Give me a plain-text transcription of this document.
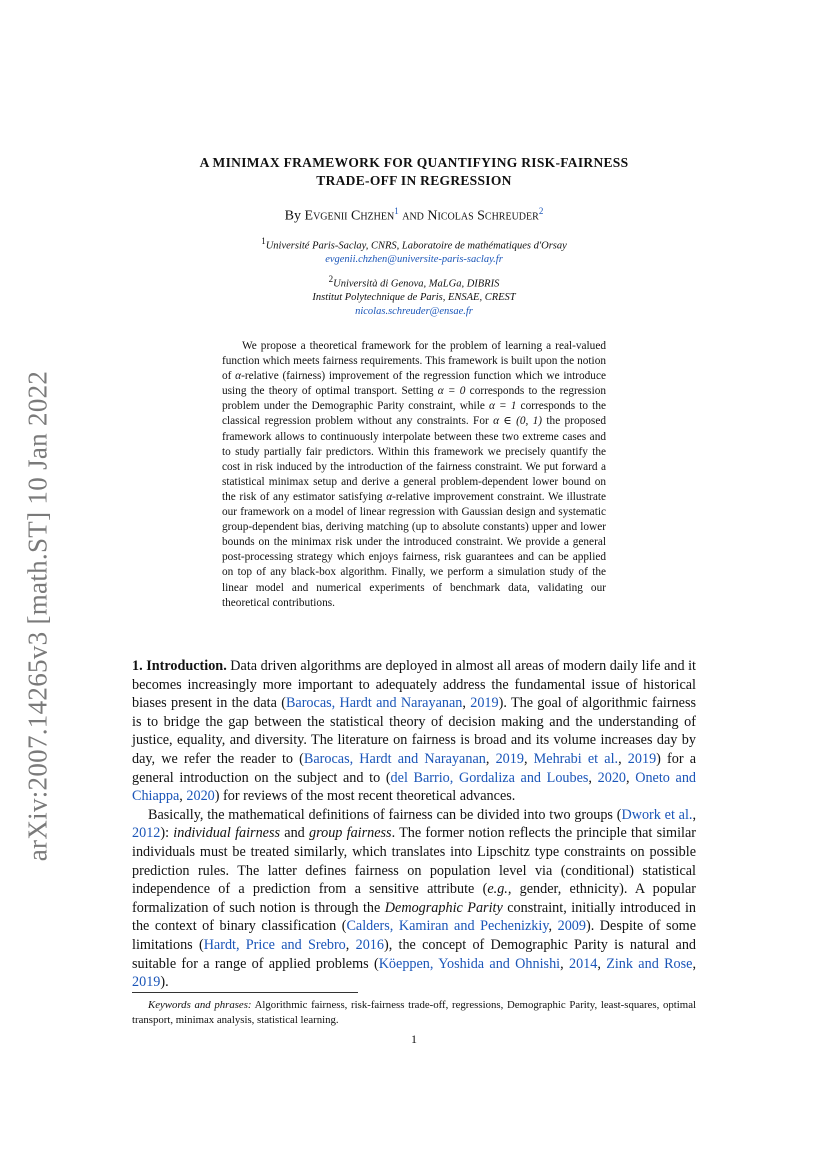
arXiv:2007.14265v3 [math.ST] 10 Jan 2022
A MINIMAX FRAMEWORK FOR QUANTIFYING RISK-FAIRNESS
TRADE-OFF IN REGRESSION
By Evgenii Chzhen$^1$ and Nicolas Schreuder$^2$
$^1$Université Paris-Saclay, CNRS, Laboratoire de mathématiques d'Orsay
evgenii.chzhen@universite-paris-saclay.fr
$^2$Università di Genova, MaLGa, DIBRIS
Institut Polytechnique de Paris, ENSAE, CREST
nicolas.schreuder@ensae.fr

We propose a theoretical framework for the problem of learning a real-valued function which meets fairness requirements. This framework is built upon the notion of α-relative (fairness) improvement of the regression function which we introduce using the theory of optimal transport. Setting α = 0 corresponds to the regression problem under the Demographic Parity constraint, while α = 1 corresponds to the classical regression problem without any constraints. For α ∈ (0, 1) the proposed framework allows to continuously interpolate between these two extreme cases and to study partially fair predictors. Within this framework we precisely quantify the cost in risk induced by the introduction of the fairness constraint. We put forward a statistical minimax setup and derive a general problem-dependent lower bound on the risk of any estimator satisfying α-relative improvement constraint. We illustrate our framework on a model of linear regression with Gaussian design and systematic group-dependent bias, deriving matching (up to absolute constants) upper and lower bounds on the minimax risk under the introduced constraint. We provide a general post-processing strategy which enjoys fairness, risk guarantees and can be applied on top of any black-box algorithm. Finally, we perform a simulation study of the linear model and numerical experiments of benchmark data, validating our theoretical contributions.

1. Introduction. Data driven algorithms are deployed in almost all areas of modern daily life and it becomes increasingly more important to adequately address the fundamental issue of historical biases present in the data (Barocas, Hardt and Narayanan, 2019). The goal of algorithmic fairness is to bridge the gap between the statistical theory of decision making and the understanding of justice, equality, and diversity. The literature on fairness is broad and its volume increases day by day, we refer the reader to (Barocas, Hardt and Narayanan, 2019, Mehrabi et al., 2019) for a general introduction on the subject and to (del Barrio, Gordaliza and Loubes, 2020, Oneto and Chiappa, 2020) for reviews of the most recent theoretical advances.

Basically, the mathematical definitions of fairness can be divided into two groups (Dwork et al., 2012): individual fairness and group fairness. The former notion reflects the principle that similar individuals must be treated similarly, which translates into Lipschitz type constraints on possible prediction rules. The latter defines fairness on population level via (conditional) statistical independence of a prediction from a sensitive attribute (e.g., gender, ethnicity). A popular formalization of such notion is through the Demographic Parity constraint, initially introduced in the context of binary classification (Calders, Kamiran and Pechenizkiy, 2009). Despite of some limitations (Hardt, Price and Srebro, 2016), the concept of Demographic Parity is natural and suitable for a range of applied problems (Köeppen, Yoshida and Ohnishi, 2014, Zink and Rose, 2019).

Keywords and phrases: Algorithmic fairness, risk-fairness trade-off, regressions, Demographic Parity, least-squares, optimal transport, minimax analysis, statistical learning.

1
